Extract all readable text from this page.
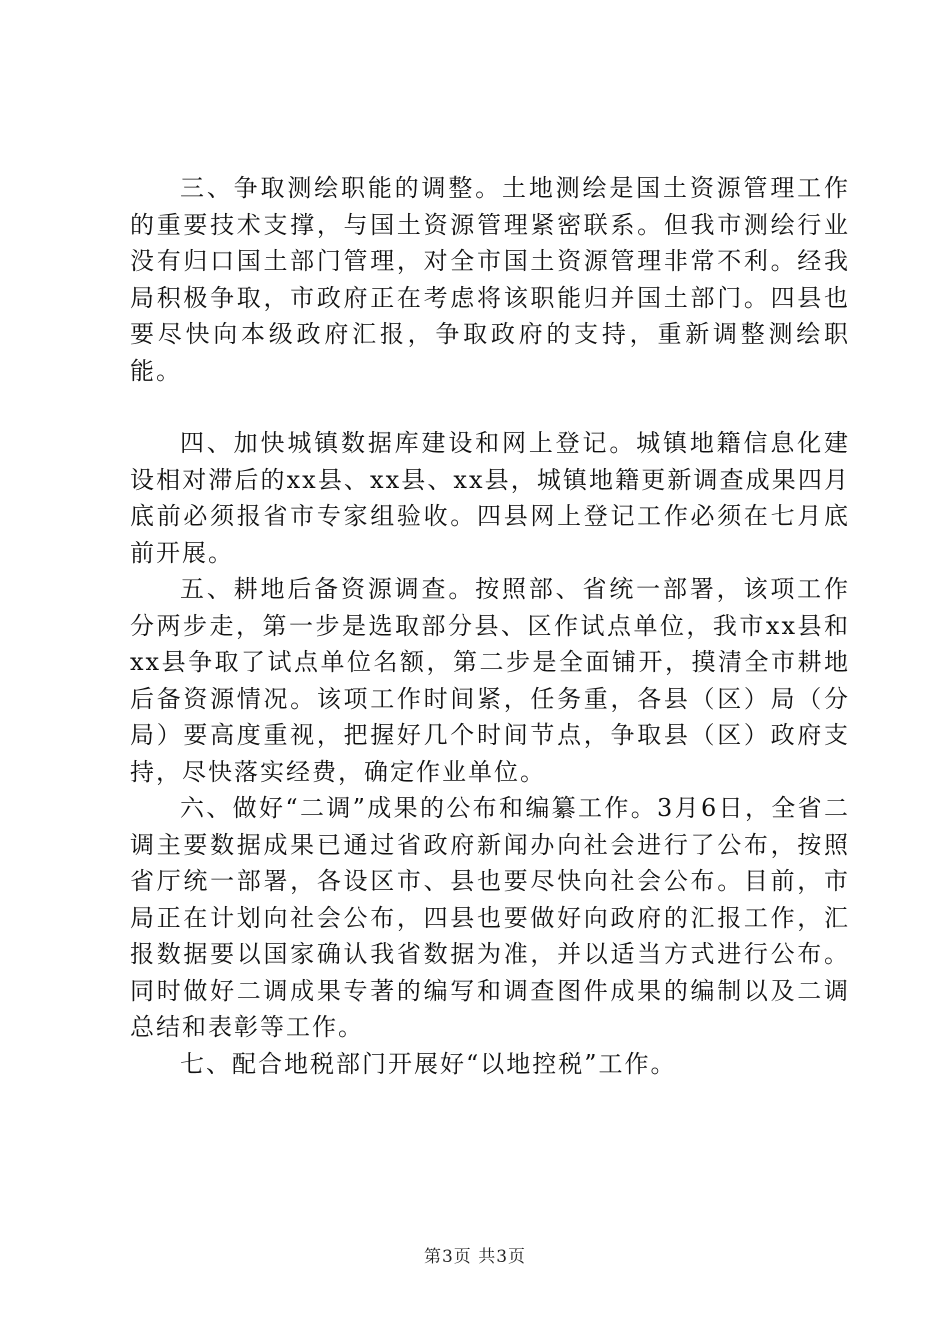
三、争取测绘职能的调整。土地测绘是国土资源管理工作的重要技术支撑，与国土资源管理紧密联系。但我市测绘行业没有归口国土部门管理，对全市国土资源管理非常不利。经我局积极争取，市政府正在考虑将该职能归并国土部门。四县也要尽快向本级政府汇报，争取政府的支持，重新调整测绘职能。

四、加快城镇数据库建设和网上登记。城镇地籍信息化建设相对滞后的xx县、xx县、xx县，城镇地籍更新调查成果四月底前必须报省市专家组验收。四县网上登记工作必须在七月底前开展。

五、耕地后备资源调查。按照部、省统一部署，该项工作分两步走，第一步是选取部分县、区作试点单位，我市xx县和xx县争取了试点单位名额，第二步是全面铺开，摸清全市耕地后备资源情况。该项工作时间紧，任务重，各县（区）局（分局）要高度重视，把握好几个时间节点，争取县（区）政府支持，尽快落实经费，确定作业单位。

六、做好“二调”成果的公布和编纂工作。3月6日，全省二调主要数据成果已通过省政府新闻办向社会进行了公布，按照省厅统一部署，各设区市、县也要尽快向社会公布。目前，市局正在计划向社会公布，四县也要做好向政府的汇报工作，汇报数据要以国家确认我省数据为准，并以适当方式进行公布。同时做好二调成果专著的编写和调查图件成果的编制以及二调总结和表彰等工作。

七、配合地税部门开展好“以地控税”工作。

第3页 共3页
